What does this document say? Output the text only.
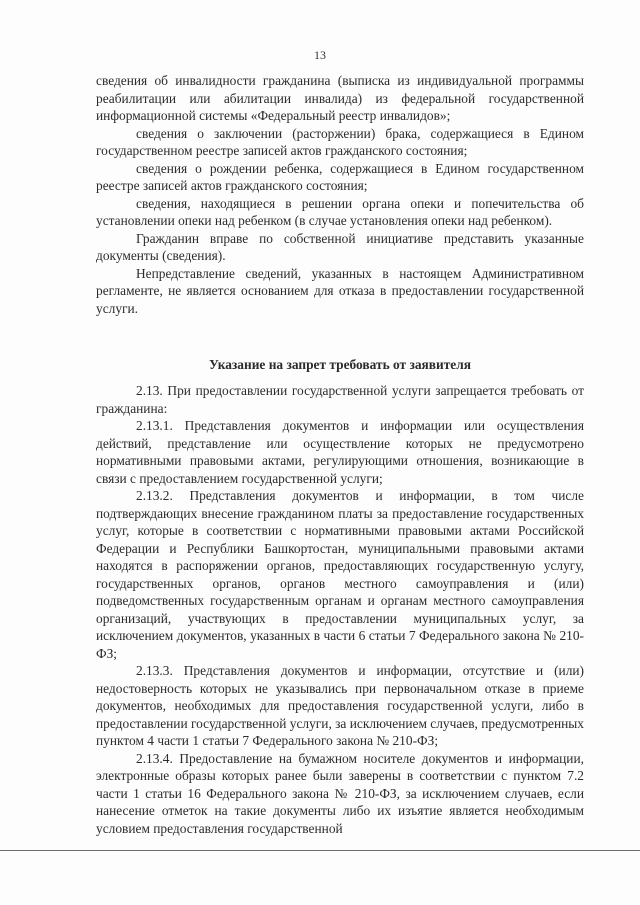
13

сведения об инвалидности гражданина (выписка из индивидуальной программы реабилитации или абилитации инвалида) из федеральной государственной информационной системы «Федеральный реестр инвалидов»;

сведения о заключении (расторжении) брака, содержащиеся в Едином государственном реестре записей актов гражданского состояния;

сведения о рождении ребенка, содержащиеся в Едином государственном реестре записей актов гражданского состояния;

сведения, находящиеся в решении органа опеки и попечительства об установлении опеки над ребенком (в случае установления опеки над ребенком).

Гражданин вправе по собственной инициативе представить указанные документы (сведения).

Непредставление сведений, указанных в настоящем Административном регламенте, не является основанием для отказа в предоставлении государственной услуги.

Указание на запрет требовать от заявителя

2.13. При предоставлении государственной услуги запрещается требовать от гражданина:

2.13.1. Представления документов и информации или осуществления действий, представление или осуществление которых не предусмотрено нормативными правовыми актами, регулирующими отношения, возникающие в связи с предоставлением государственной услуги;

2.13.2. Представления документов и информации, в том числе подтверждающих внесение гражданином платы за предоставление государственных услуг, которые в соответствии с нормативными правовыми актами Российской Федерации и Республики Башкортостан, муниципальными правовыми актами находятся в распоряжении органов, предоставляющих государственную услугу, государственных органов, органов местного самоуправления и (или) подведомственных государственным органам и органам местного самоуправления организаций, участвующих в предоставлении муниципальных услуг, за исключением документов, указанных в части 6 статьи 7 Федерального закона № 210-ФЗ;

2.13.3. Представления документов и информации, отсутствие и (или) недостоверность которых не указывались при первоначальном отказе в приеме документов, необходимых для предоставления государственной услуги, либо в предоставлении государственной услуги, за исключением случаев, предусмотренных пунктом 4 части 1 статьи 7 Федерального закона № 210-ФЗ;

2.13.4. Предоставление на бумажном носителе документов и информации, электронные образы которых ранее были заверены в соответствии с пунктом 7.2 части 1 статьи 16 Федерального закона № 210-ФЗ, за исключением случаев, если нанесение отметок на такие документы либо их изъятие является необходимым условием предоставления государственной
